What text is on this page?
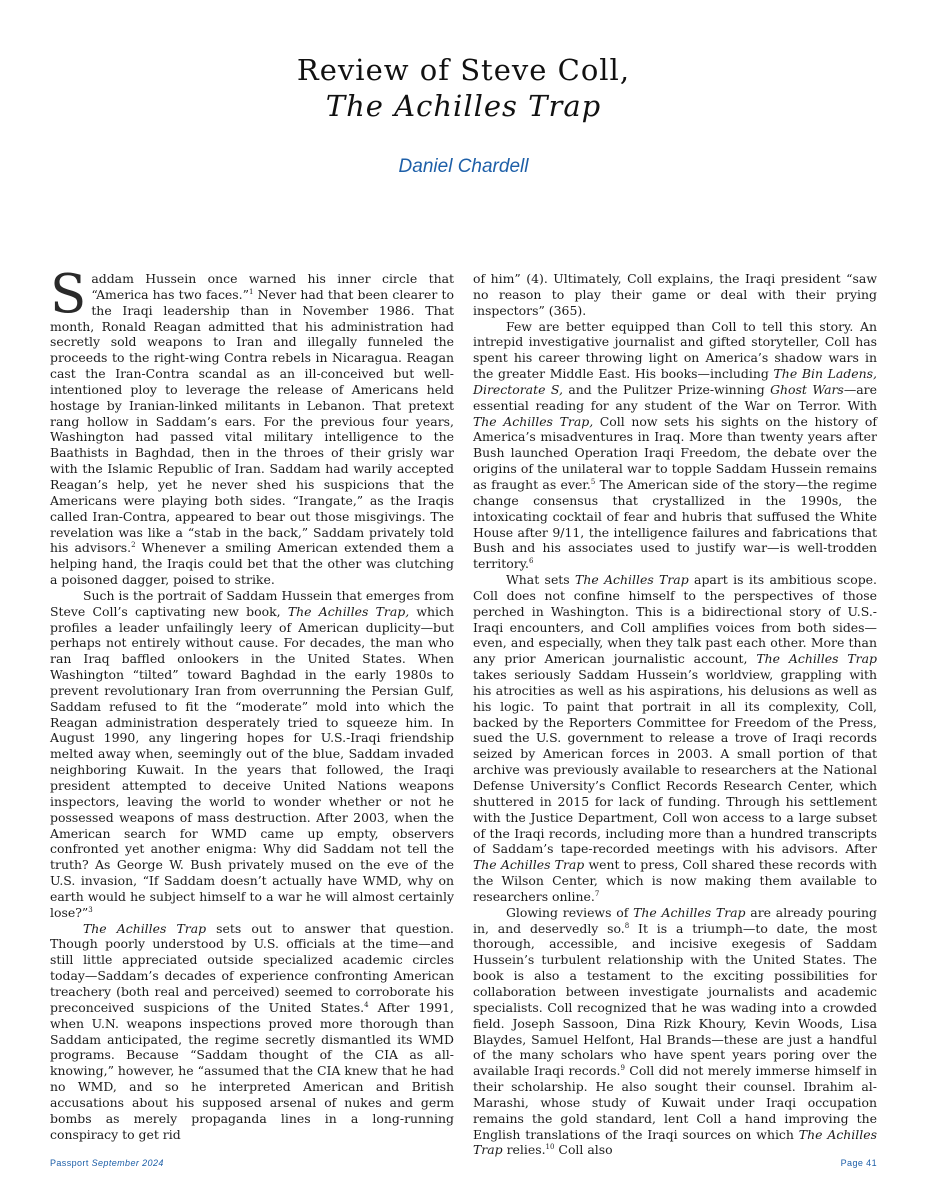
Review of Steve Coll,
The Achilles Trap
Daniel Chardell

Saddam Hussein once warned his inner circle that “America has two faces.”$^1$ Never had that been clearer to the Iraqi leadership than in November 1986. That month, Ronald Reagan admitted that his administration had secretly sold weapons to Iran and illegally funneled the proceeds to the right-wing Contra rebels in Nicaragua. Reagan cast the Iran-Contra scandal as an ill-conceived but well-intentioned ploy to leverage the release of Americans held hostage by Iranian-linked militants in Lebanon. That pretext rang hollow in Saddam’s ears. For the previous four years, Washington had passed vital military intelligence to the Baathists in Baghdad, then in the throes of their grisly war with the Islamic Republic of Iran. Saddam had warily accepted Reagan’s help, yet he never shed his suspicions that the Americans were playing both sides. “Irangate,” as the Iraqis called Iran-Contra, appeared to bear out those misgivings. The revelation was like a “stab in the back,” Saddam privately told his advisors.$^2$ Whenever a smiling American extended them a helping hand, the Iraqis could bet that the other was clutching a poisoned dagger, poised to strike.

Such is the portrait of Saddam Hussein that emerges from Steve Coll’s captivating new book, The Achilles Trap, which profiles a leader unfailingly leery of American duplicity—but perhaps not entirely without cause. For decades, the man who ran Iraq baffled onlookers in the United States. When Washington “tilted” toward Baghdad in the early 1980s to prevent revolutionary Iran from overrunning the Persian Gulf, Saddam refused to fit the “moderate” mold into which the Reagan administration desperately tried to squeeze him. In August 1990, any lingering hopes for U.S.-Iraqi friendship melted away when, seemingly out of the blue, Saddam invaded neighboring Kuwait. In the years that followed, the Iraqi president attempted to deceive United Nations weapons inspectors, leaving the world to wonder whether or not he possessed weapons of mass destruction. After 2003, when the American search for WMD came up empty, observers confronted yet another enigma: Why did Saddam not tell the truth? As George W. Bush privately mused on the eve of the U.S. invasion, “If Saddam doesn’t actually have WMD, why on earth would he subject himself to a war he will almost certainly lose?”$^3$

The Achilles Trap sets out to answer that question. Though poorly understood by U.S. officials at the time—and still little appreciated outside specialized academic circles today—Saddam’s decades of experience confronting American treachery (both real and perceived) seemed to corroborate his preconceived suspicions of the United States.$^4$ After 1991, when U.N. weapons inspections proved more thorough than Saddam anticipated, the regime secretly dismantled its WMD programs. Because “Saddam thought of the CIA as all-knowing,” however, he “assumed that the CIA knew that he had no WMD, and so he interpreted American and British accusations about his supposed arsenal of nukes and germ bombs as merely propaganda lines in a long-running conspiracy to get rid

of him” (4). Ultimately, Coll explains, the Iraqi president “saw no reason to play their game or deal with their prying inspectors” (365).

Few are better equipped than Coll to tell this story. An intrepid investigative journalist and gifted storyteller, Coll has spent his career throwing light on America’s shadow wars in the greater Middle East. His books—including The Bin Ladens, Directorate S, and the Pulitzer Prize-winning Ghost Wars—are essential reading for any student of the War on Terror. With The Achilles Trap, Coll now sets his sights on the history of America’s misadventures in Iraq. More than twenty years after Bush launched Operation Iraqi Freedom, the debate over the origins of the unilateral war to topple Saddam Hussein remains as fraught as ever.$^5$ The American side of the story—the regime change consensus that crystallized in the 1990s, the intoxicating cocktail of fear and hubris that suffused the White House after 9/11, the intelligence failures and fabrications that Bush and his associates used to justify war—is well-trodden territory.$^6$

What sets The Achilles Trap apart is its ambitious scope. Coll does not confine himself to the perspectives of those perched in Washington. This is a bidirectional story of U.S.-Iraqi encounters, and Coll amplifies voices from both sides—even, and especially, when they talk past each other. More than any prior American journalistic account, The Achilles Trap takes seriously Saddam Hussein’s worldview, grappling with his atrocities as well as his aspirations, his delusions as well as his logic. To paint that portrait in all its complexity, Coll, backed by the Reporters Committee for Freedom of the Press, sued the U.S. government to release a trove of Iraqi records seized by American forces in 2003. A small portion of that archive was previously available to researchers at the National Defense University’s Conflict Records Research Center, which shuttered in 2015 for lack of funding. Through his settlement with the Justice Department, Coll won access to a large subset of the Iraqi records, including more than a hundred transcripts of Saddam’s tape-recorded meetings with his advisors. After The Achilles Trap went to press, Coll shared these records with the Wilson Center, which is now making them available to researchers online.$^7$

Glowing reviews of The Achilles Trap are already pouring in, and deservedly so.$^8$ It is a triumph—to date, the most thorough, accessible, and incisive exegesis of Saddam Hussein’s turbulent relationship with the United States. The book is also a testament to the exciting possibilities for collaboration between investigate journalists and academic specialists. Coll recognized that he was wading into a crowded field. Joseph Sassoon, Dina Rizk Khoury, Kevin Woods, Lisa Blaydes, Samuel Helfont, Hal Brands—these are just a handful of the many scholars who have spent years poring over the available Iraqi records.$^9$ Coll did not merely immerse himself in their scholarship. He also sought their counsel. Ibrahim al-Marashi, whose study of Kuwait under Iraqi occupation remains the gold standard, lent Coll a hand improving the English translations of the Iraqi sources on which The Achilles Trap relies.$^{10}$ Coll also

Passport September 2024	Page 41
